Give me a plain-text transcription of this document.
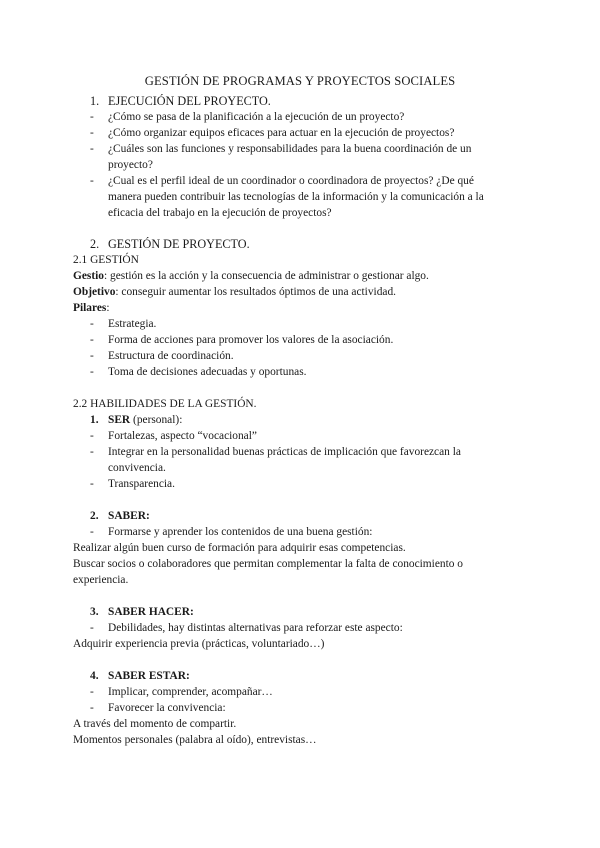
GESTIÓN DE PROGRAMAS Y PROYECTOS SOCIALES
1. EJECUCIÓN DEL PROYECTO.
- ¿Cómo se pasa de la planificación a la ejecución de un proyecto?
- ¿Cómo organizar equipos eficaces para actuar en la ejecución de proyectos?
- ¿Cuáles son las funciones y responsabilidades para la buena coordinación de un proyecto?
- ¿Cual es el perfil ideal de un coordinador o coordinadora de proyectos? ¿De qué manera pueden contribuir las tecnologías de la información y la comunicación a la eficacia del trabajo en la ejecución de proyectos?
2. GESTIÓN DE PROYECTO.
2.1 GESTIÓN
Gestio: gestión es la acción y la consecuencia de administrar o gestionar algo.
Objetivo: conseguir aumentar los resultados óptimos de una actividad.
Pilares:
- Estrategia.
- Forma de acciones para promover los valores de la asociación.
- Estructura de coordinación.
- Toma de decisiones adecuadas y oportunas.
2.2 HABILIDADES DE LA GESTIÓN.
1. SER (personal):
- Fortalezas, aspecto “vocacional”
- Integrar en la personalidad buenas prácticas de implicación que favorezcan la convivencia.
- Transparencia.
2. SABER:
- Formarse y aprender los contenidos de una buena gestión:
Realizar algún buen curso de formación para adquirir esas competencias.
Buscar socios o colaboradores que permitan complementar la falta de conocimiento o experiencia.
3. SABER HACER:
- Debilidades, hay distintas alternativas para reforzar este aspecto:
Adquirir experiencia previa (prácticas, voluntariado…)
4. SABER ESTAR:
- Implicar, comprender, acompañar…
- Favorecer la convivencia:
A través del momento de compartir.
Momentos personales (palabra al oído), entrevistas…
